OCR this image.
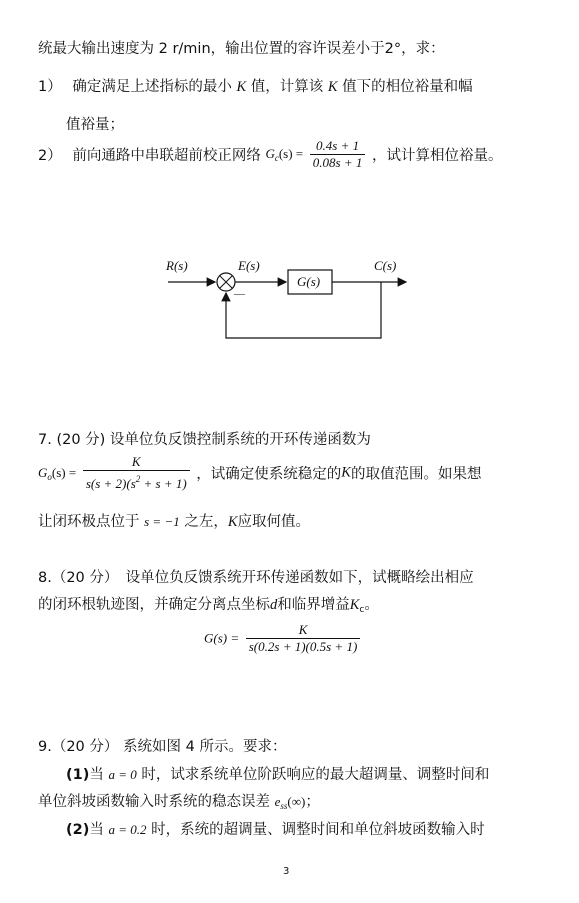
统最大输出速度为 2 r/min，输出位置的容许误差小于2°，求：
1） 确定满足上述指标的最小 K 值，计算该 K 值下的相位裕量和幅
值裕量；
2） 前向通路中串联超前校正网络 $G_c(s) = \frac{0.4s + 1}{0.08s + 1}$ ，试计算相位裕量。
R(s)	E(s)	C(s)
—
G(s)
7. (20 分) 设单位负反馈控制系统的开环传递函数为
$G_o(s) = \frac{K}{s(s + 2)(s^2 + s + 1)}$ ，试确定使系统稳定的K的取值范围。如果想
让闭环极点位于 s = −1 之左，K应取何值。
8.（20 分）　设单位负反馈系统开环传递函数如下，试概略绘出相应
的闭环根轨迹图，并确定分离点坐标d和临界增益$K_c$。
$G(s) = \frac{K}{s(0.2s + 1)(0.5s + 1)}$
9.（20 分） 系统如图 4 所示。要求：
(1)当 a = 0 时，试求系统单位阶跃响应的最大超调量、调整时间和
单位斜坡函数输入时系统的稳态误差 $e_{ss}(\infty)$；
(2)当 a = 0.2 时，系统的超调量、调整时间和单位斜坡函数输入时
3
